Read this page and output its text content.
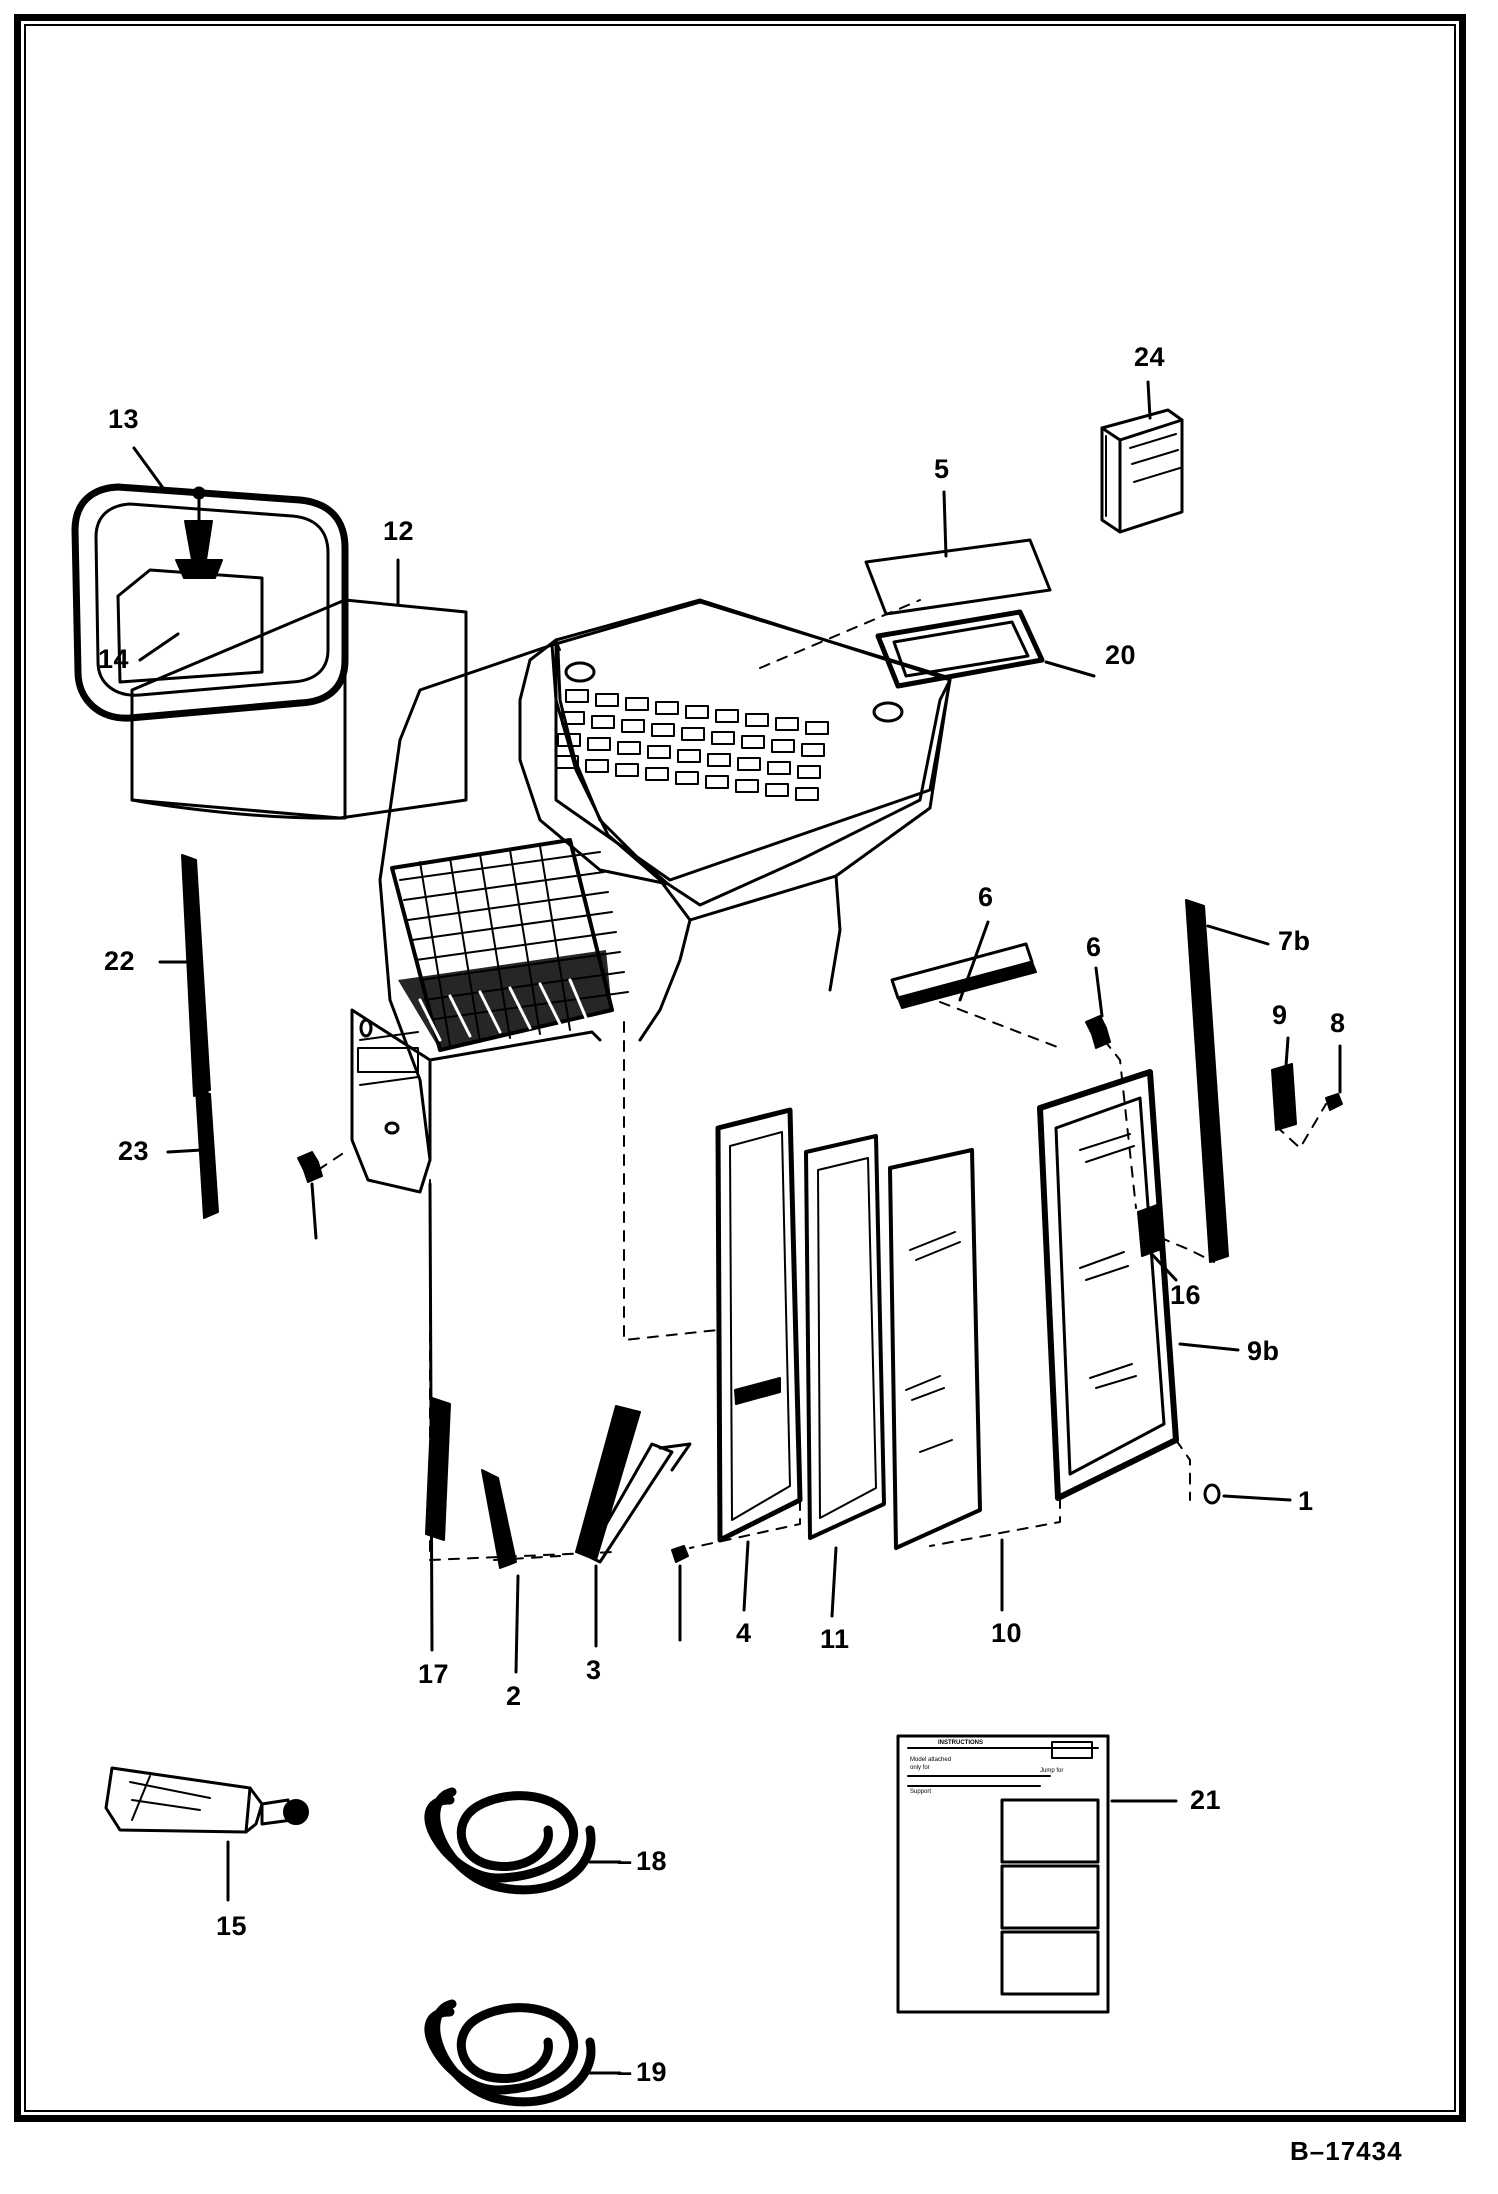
13
12
14
5
24
20
22
23
6
6	7b
9 8
16
9b
1
10
11
4
3
2
17
15
18
19
21
–
–
INSTRUCTIONS
Model attached
only for
Support
Jump for
B–17434
